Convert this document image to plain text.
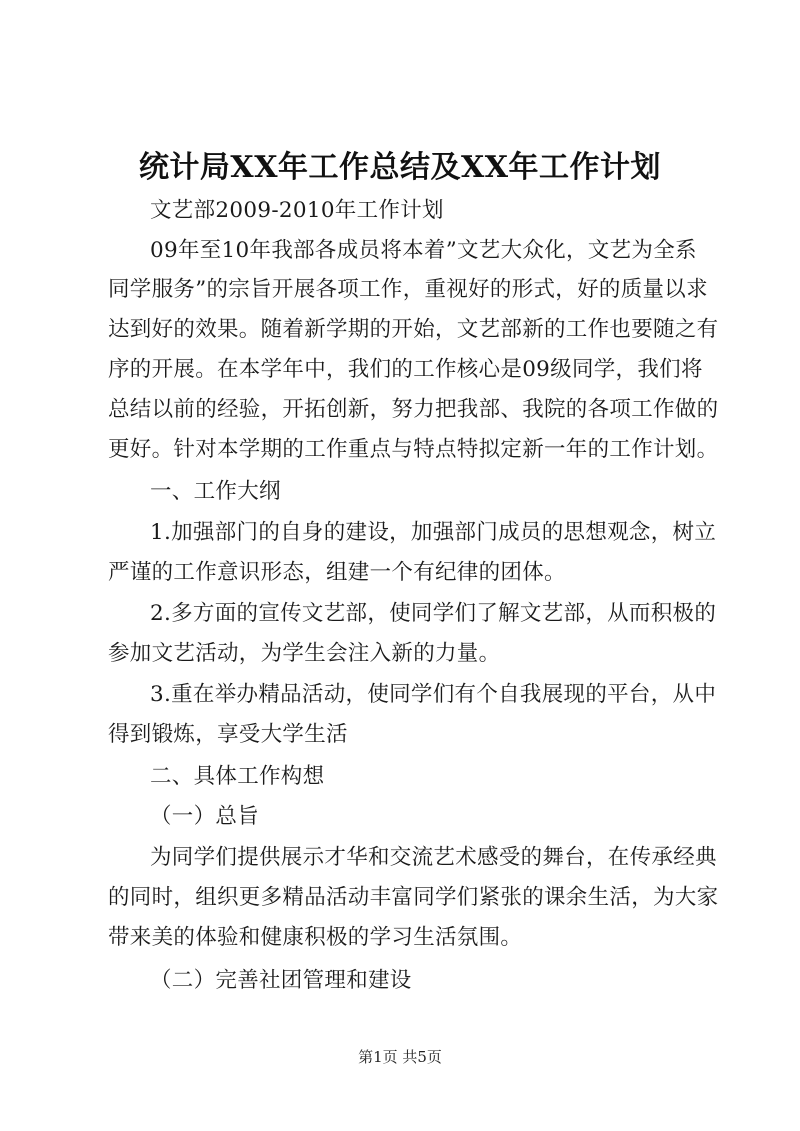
统计局XX年工作总结及XX年工作计划
文艺部2009-2010年工作计划
09年至10年我部各成员将本着”文艺大众化，文艺为全系
同学服务”的宗旨开展各项工作，重视好的形式，好的质量以求
达到好的效果。随着新学期的开始，文艺部新的工作也要随之有
序的开展。在本学年中，我们的工作核心是09级同学，我们将
总结以前的经验，开拓创新，努力把我部、我院的各项工作做的
更好。针对本学期的工作重点与特点特拟定新一年的工作计划。
一、工作大纲
1.加强部门的自身的建设，加强部门成员的思想观念，树立
严谨的工作意识形态，组建一个有纪律的团体。
2.多方面的宣传文艺部，使同学们了解文艺部，从而积极的
参加文艺活动，为学生会注入新的力量。
3.重在举办精品活动，使同学们有个自我展现的平台，从中
得到锻炼，享受大学生活
二、具体工作构想
（一）总旨
为同学们提供展示才华和交流艺术感受的舞台，在传承经典
的同时，组织更多精品活动丰富同学们紧张的课余生活，为大家
带来美的体验和健康积极的学习生活氛围。
（二）完善社团管理和建设
第1页 共5页
